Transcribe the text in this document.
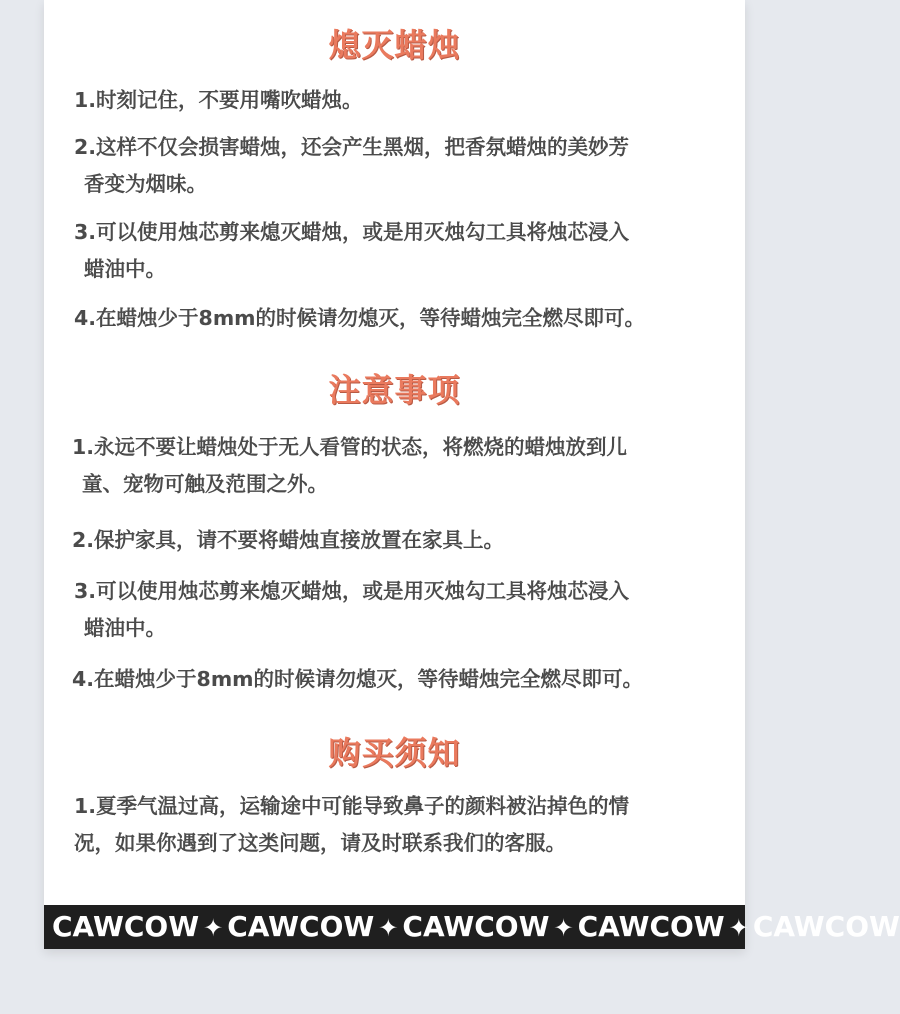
熄灭蜡烛
1.时刻记住，不要用嘴吹蜡烛。
2.这样不仅会损害蜡烛，还会产生黑烟，把香氛蜡烛的美妙芳
香变为烟味。
3.可以使用烛芯剪来熄灭蜡烛，或是用灭烛勾工具将烛芯浸入
蜡油中。
4.在蜡烛少于8mm的时候请勿熄灭，等待蜡烛完全燃尽即可。
注意事项
1.永远不要让蜡烛处于无人看管的状态，将燃烧的蜡烛放到儿
童、宠物可触及范围之外。
2.保护家具，请不要将蜡烛直接放置在家具上。
3.可以使用烛芯剪来熄灭蜡烛，或是用灭烛勾工具将烛芯浸入
蜡油中。
4.在蜡烛少于8mm的时候请勿熄灭，等待蜡烛完全燃尽即可。
购买须知
1.夏季气温过高，运输途中可能导致鼻子的颜料被沾掉色的情
况，如果你遇到了这类问题，请及时联系我们的客服。
CAWCOW ✦ CAWCOW ✦ CAWCOW ✦ CAWCOW ✦ CAWCOW
